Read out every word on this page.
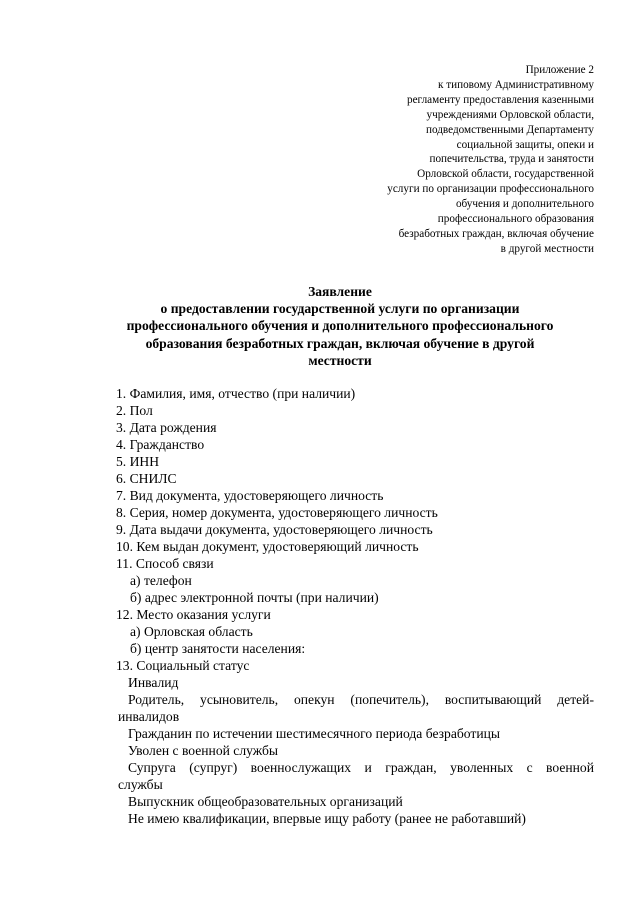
Приложение 2
к типовому Административному
регламенту предоставления казенными
учреждениями Орловской области,
подведомственными Департаменту
социальной защиты, опеки и
попечительства, труда и занятости
Орловской области, государственной
услуги по организации профессионального
обучения и дополнительного
профессионального образования
безработных граждан, включая обучение
в другой местности
Заявление
о предоставлении государственной услуги по организации
профессионального обучения и дополнительного профессионального
образования безработных граждан, включая обучение в другой
местности
1. Фамилия, имя, отчество (при наличии)
2. Пол
3. Дата рождения
4. Гражданство
5. ИНН
6. СНИЛС
7. Вид документа, удостоверяющего личность
8. Серия, номер документа, удостоверяющего личность
9. Дата выдачи документа, удостоверяющего личность
10. Кем выдан документ, удостоверяющий личность
11. Способ связи
а) телефон
б) адрес электронной почты (при наличии)
12. Место оказания услуги
а) Орловская область
б) центр занятости населения:
13. Социальный статус
Инвалид
Родитель, усыновитель, опекун (попечитель), воспитывающий детей-
инвалидов
Гражданин по истечении шестимесячного периода безработицы
Уволен с военной службы
Супруга (супруг) военнослужащих и граждан, уволенных с военной
службы
Выпускник общеобразовательных организаций
Не имею квалификации, впервые ищу работу (ранее не работавший)
